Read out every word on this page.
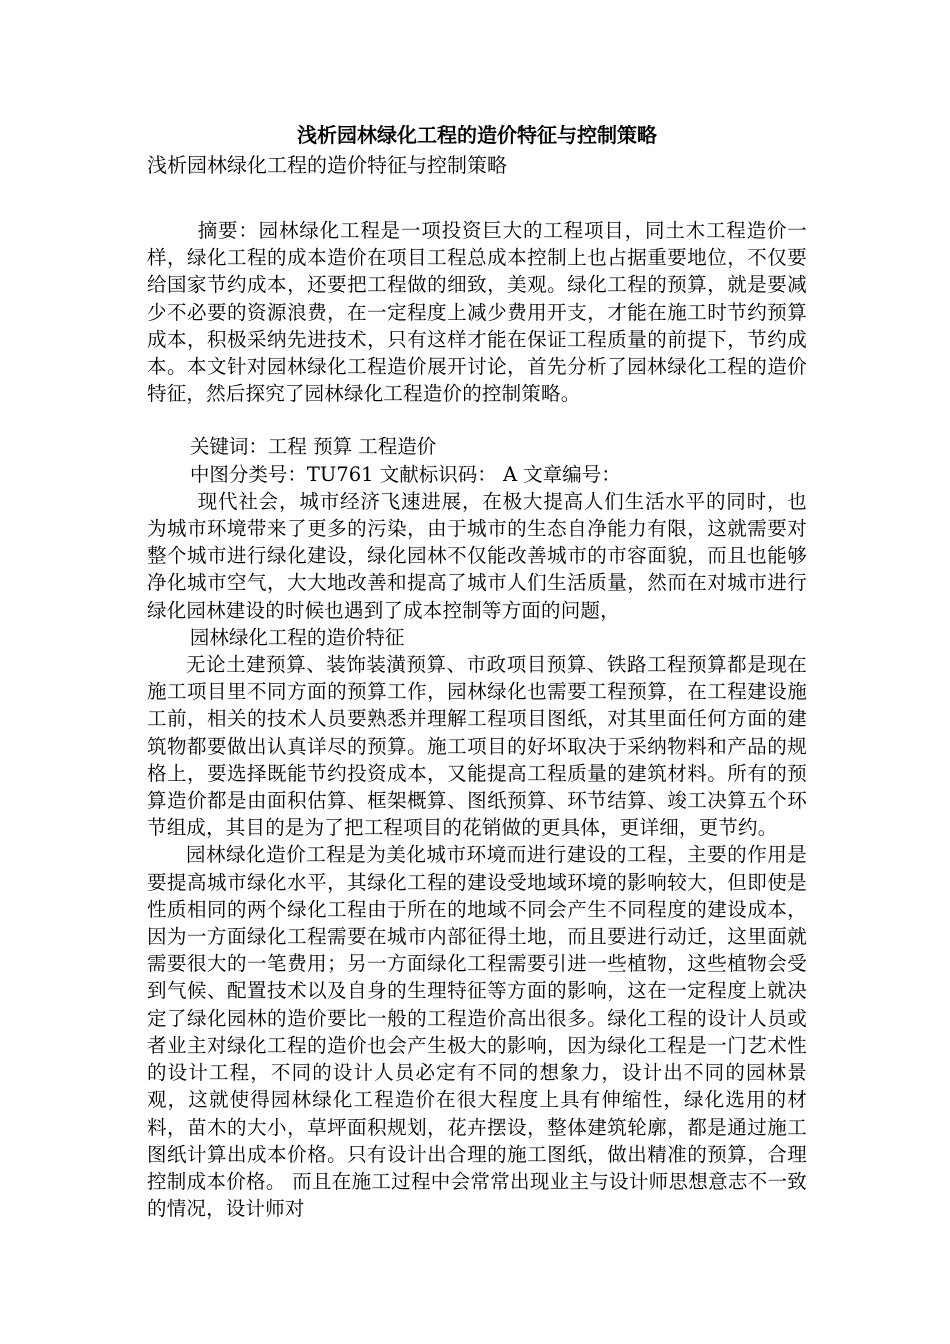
浅析园林绿化工程的造价特征与控制策略
浅析园林绿化工程的造价特征与控制策略

摘要：园林绿化工程是一项投资巨大的工程项目，同土木工程造价一样，绿化工程的成本造价在项目工程总成本控制上也占据重要地位，不仅要给国家节约成本，还要把工程做的细致，美观。绿化工程的预算，就是要减少不必要的资源浪费，在一定程度上减少费用开支，才能在施工时节约预算成本，积极采纳先进技术，只有这样才能在保证工程质量的前提下，节约成本。本文针对园林绿化工程造价展开讨论，首先分析了园林绿化工程的造价特征，然后探究了园林绿化工程造价的控制策略。

关键词：工程 预算 工程造价
中图分类号：TU761 文献标识码： A 文章编号：

现代社会，城市经济飞速进展，在极大提高人们生活水平的同时，也为城市环境带来了更多的污染，由于城市的生态自净能力有限，这就需要对整个城市进行绿化建设，绿化园林不仅能改善城市的市容面貌，而且也能够净化城市空气，大大地改善和提高了城市人们生活质量，然而在对城市进行绿化园林建设的时候也遇到了成本控制等方面的问题，

园林绿化工程的造价特征

无论土建预算、装饰装潢预算、市政项目预算、铁路工程预算都是现在施工项目里不同方面的预算工作，园林绿化也需要工程预算，在工程建设施工前，相关的技术人员要熟悉并理解工程项目图纸，对其里面任何方面的建筑物都要做出认真详尽的预算。施工项目的好坏取决于采纳物料和产品的规格上，要选择既能节约投资成本，又能提高工程质量的建筑材料。所有的预算造价都是由面积估算、框架概算、图纸预算、环节结算、竣工决算五个环节组成，其目的是为了把工程项目的花销做的更具体，更详细，更节约。

园林绿化造价工程是为美化城市环境而进行建设的工程，主要的作用是要提高城市绿化水平，其绿化工程的建设受地域环境的影响较大，但即使是性质相同的两个绿化工程由于所在的地域不同会产生不同程度的建设成本，因为一方面绿化工程需要在城市内部征得土地，而且要进行动迁，这里面就需要很大的一笔费用；另一方面绿化工程需要引进一些植物，这些植物会受到气候、配置技术以及自身的生理特征等方面的影响，这在一定程度上就决定了绿化园林的造价要比一般的工程造价高出很多。绿化工程的设计人员或者业主对绿化工程的造价也会产生极大的影响，因为绿化工程是一门艺术性的设计工程，不同的设计人员必定有不同的想象力，设计出不同的园林景观，这就使得园林绿化工程造价在很大程度上具有伸缩性，绿化选用的材料，苗木的大小，草坪面积规划，花卉摆设，整体建筑轮廓，都是通过施工图纸计算出成本价格。只有设计出合理的施工图纸，做出精准的预算，合理控制成本价格。 而且在施工过程中会常常出现业主与设计师思想意志不一致的情况，设计师对
